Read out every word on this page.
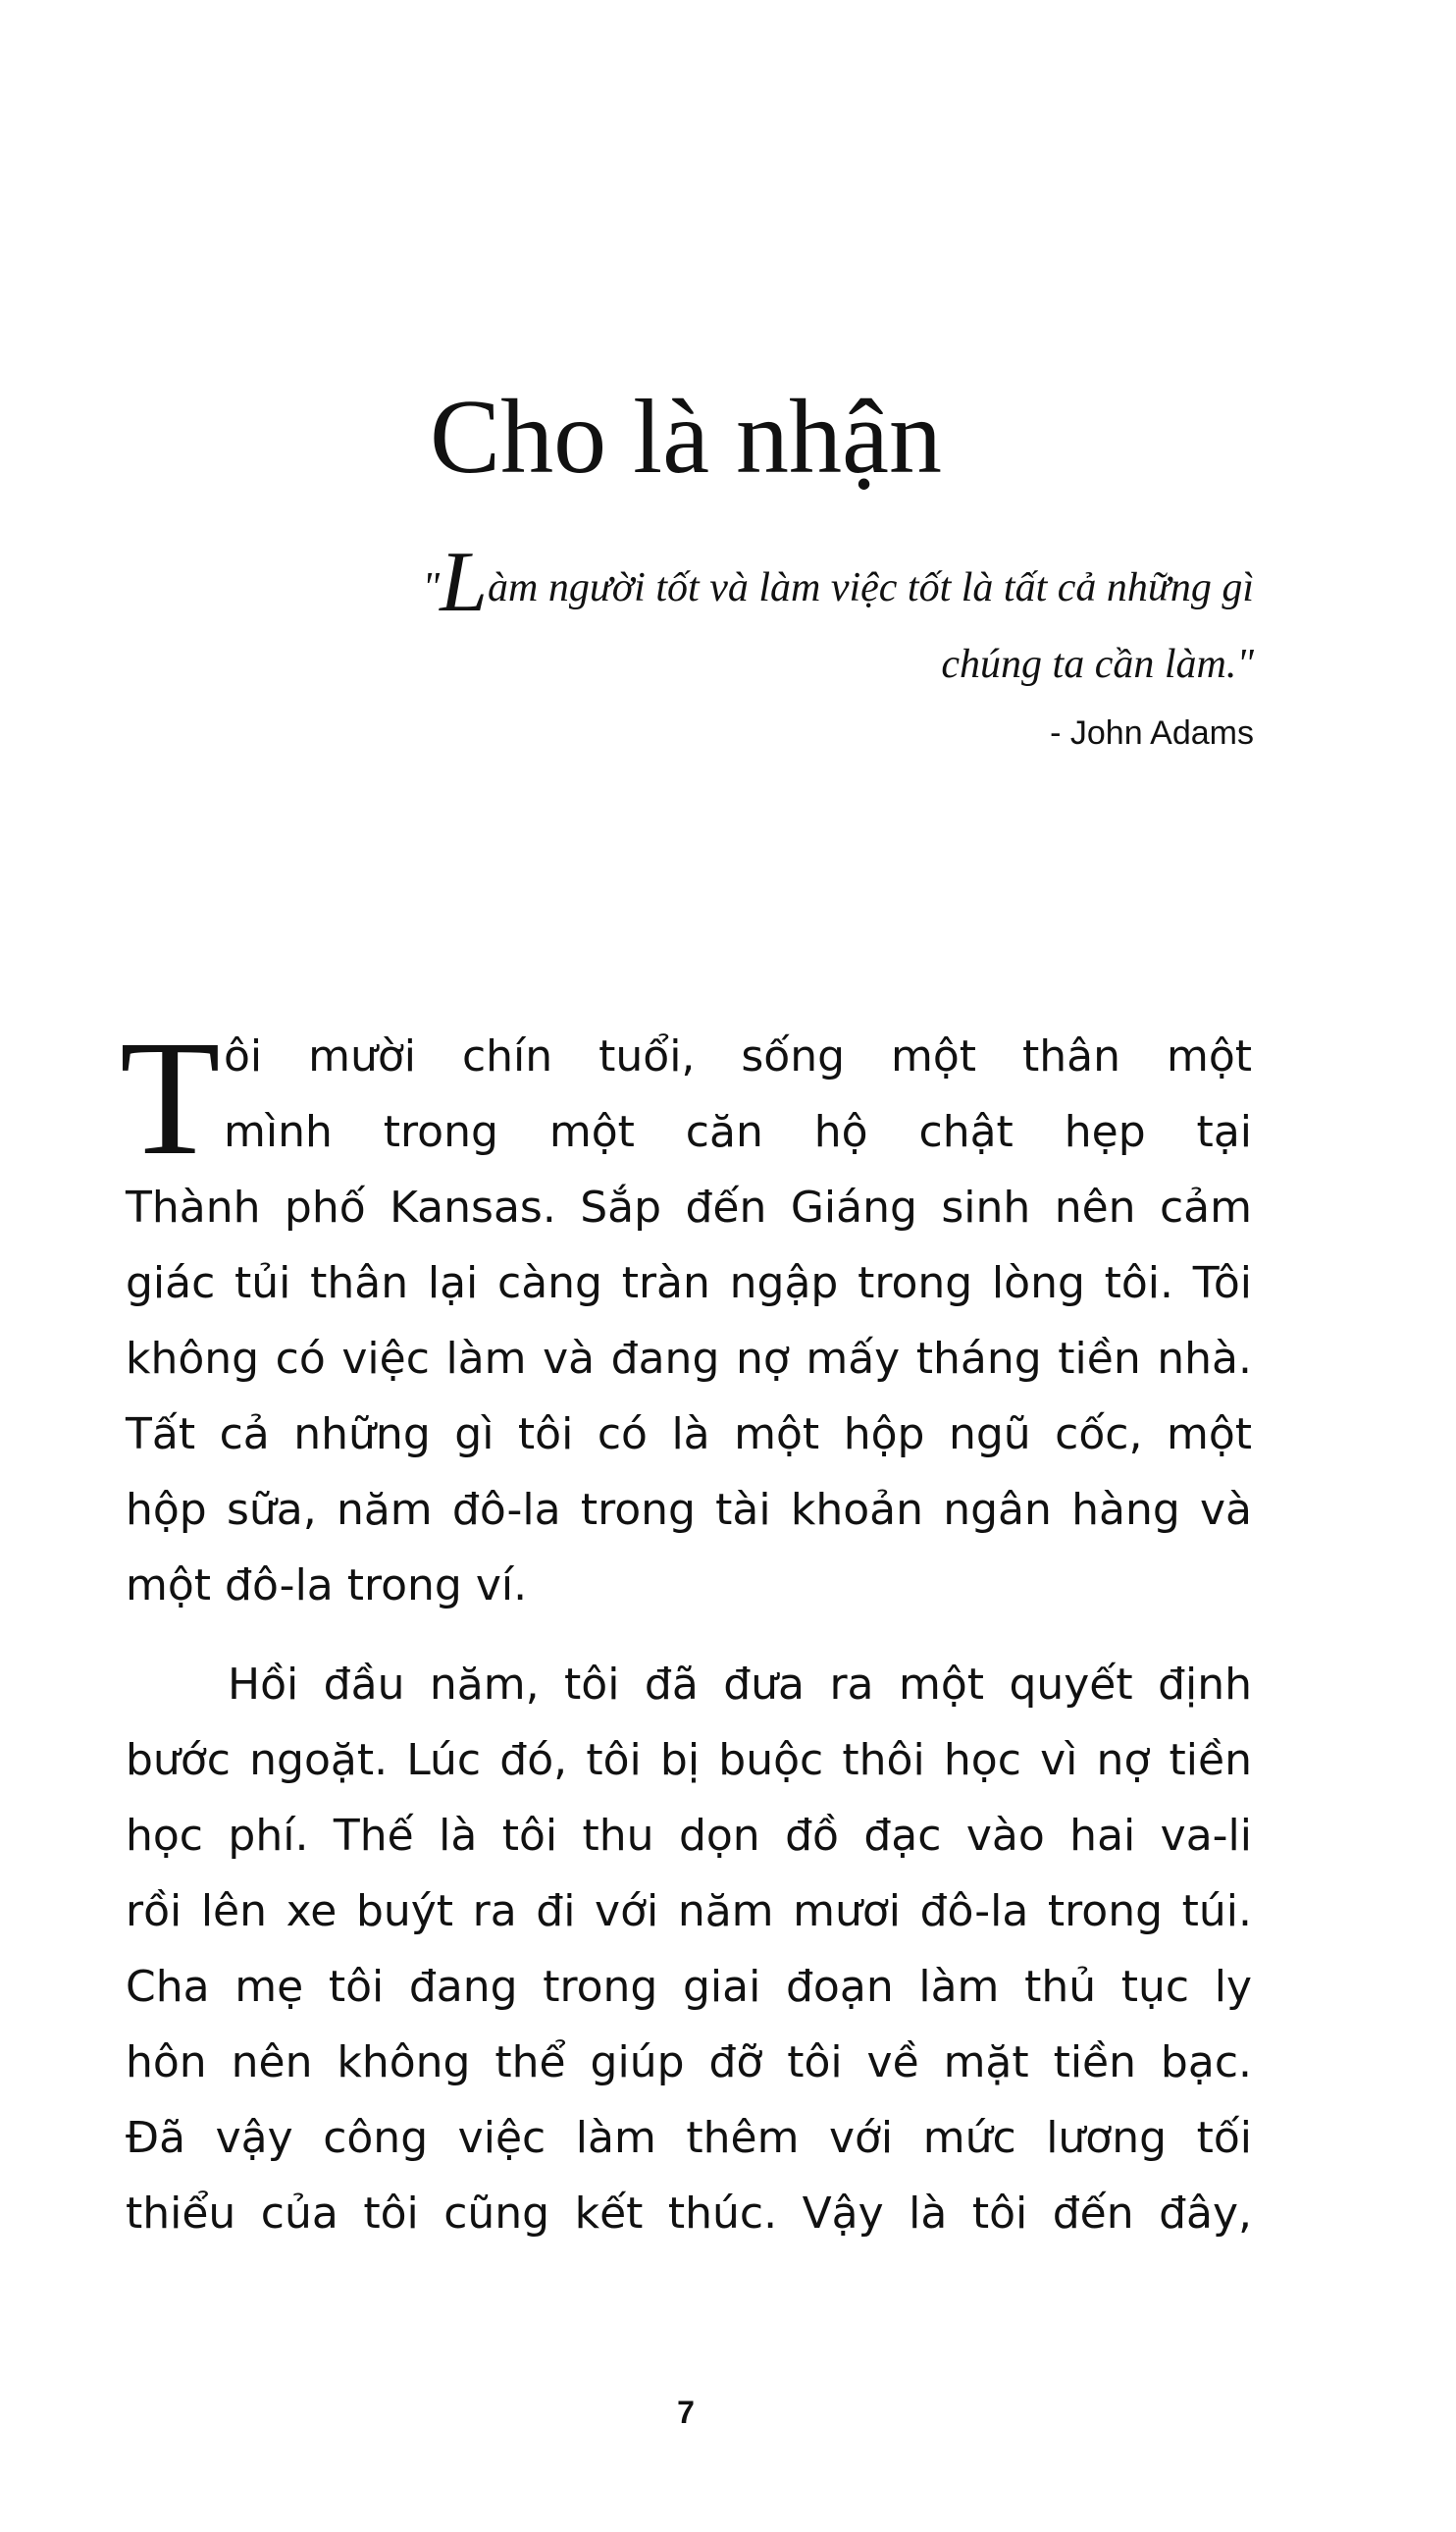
Cho là nhận
"Làm người tốt và làm việc tốt là tất cả những gì
chúng ta cần làm."
- John Adams
T ôi mười chín tuổi, sống một thân một
mình trong một căn hộ chật hẹp tại
Thành phố Kansas. Sắp đến Giáng sinh nên cảm
giác tủi thân lại càng tràn ngập trong lòng tôi. Tôi
không có việc làm và đang nợ mấy tháng tiền nhà.
Tất cả những gì tôi có là một hộp ngũ cốc, một
hộp sữa, năm đô-la trong tài khoản ngân hàng và
một đô-la trong ví.

Hồi đầu năm, tôi đã đưa ra một quyết định
bước ngoặt. Lúc đó, tôi bị buộc thôi học vì nợ tiền
học phí. Thế là tôi thu dọn đồ đạc vào hai va-li
rồi lên xe buýt ra đi với năm mươi đô-la trong túi.
Cha mẹ tôi đang trong giai đoạn làm thủ tục ly
hôn nên không thể giúp đỡ tôi về mặt tiền bạc.
Đã vậy công việc làm thêm với mức lương tối
thiểu của tôi cũng kết thúc. Vậy là tôi đến đây,

7
